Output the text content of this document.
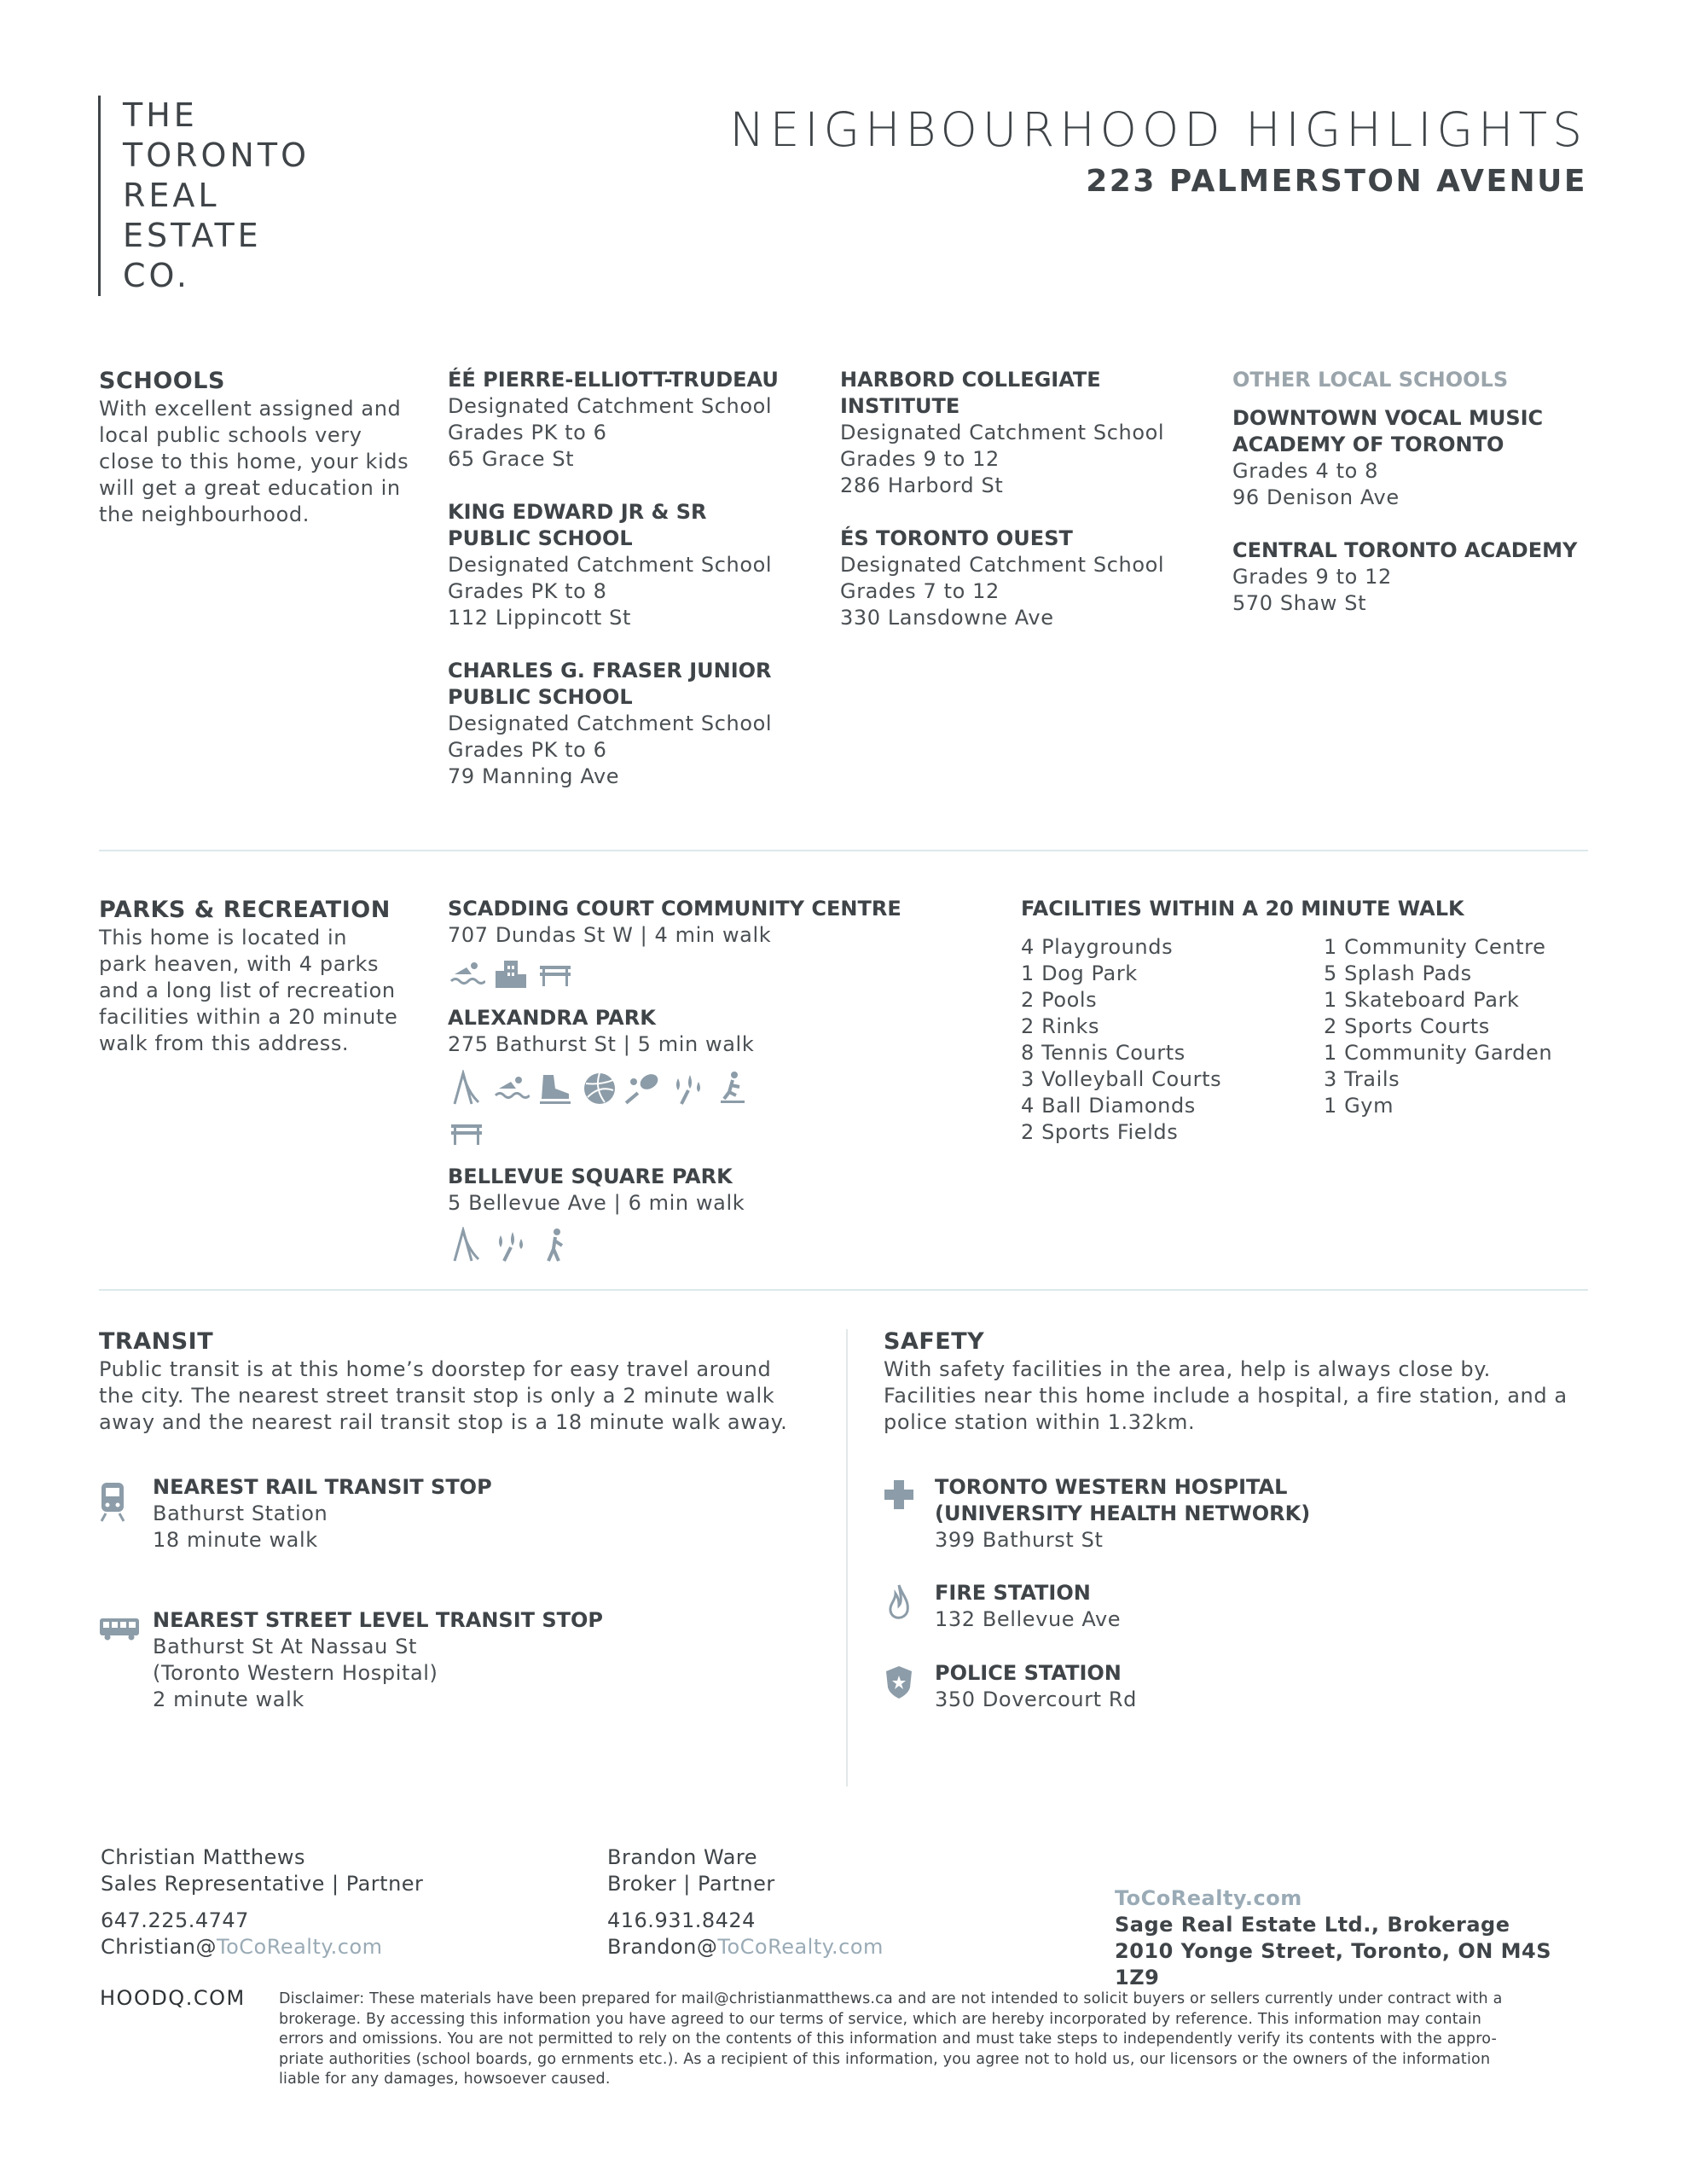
THE
TORONTO
REAL
ESTATE
CO.
NEIGHBOURHOOD HIGHLIGHTS
223 PALMERSTON AVENUE
SCHOOLS
With excellent assigned and
local public schools very
close to this home, your kids
will get a great education in
the neighbourhood.
ÉÉ PIERRE-ELLIOTT-TRUDEAU
Designated Catchment School
Grades PK to 6
65 Grace St
KING EDWARD JR & SR
PUBLIC SCHOOL
Designated Catchment School
Grades PK to 8
112 Lippincott St
CHARLES G. FRASER JUNIOR
PUBLIC SCHOOL
Designated Catchment School
Grades PK to 6
79 Manning Ave
HARBORD COLLEGIATE
INSTITUTE
Designated Catchment School
Grades 9 to 12
286 Harbord St
ÉS TORONTO OUEST
Designated Catchment School
Grades 7 to 12
330 Lansdowne Ave
OTHER LOCAL SCHOOLS
DOWNTOWN VOCAL MUSIC
ACADEMY OF TORONTO
Grades 4 to 8
96 Denison Ave
CENTRAL TORONTO ACADEMY
Grades 9 to 12
570 Shaw St
PARKS & RECREATION
This home is located in
park heaven, with 4 parks
and a long list of recreation
facilities within a 20 minute
walk from this address.
SCADDING COURT COMMUNITY CENTRE
707 Dundas St W | 4 min walk
ALEXANDRA PARK
275 Bathurst St | 5 min walk
BELLEVUE SQUARE PARK
5 Bellevue Ave | 6 min walk
FACILITIES WITHIN A 20 MINUTE WALK
4 Playgrounds
1 Dog Park
2 Pools
2 Rinks
8 Tennis Courts
3 Volleyball Courts
4 Ball Diamonds
2 Sports Fields
1 Community Centre
5 Splash Pads
1 Skateboard Park
2 Sports Courts
1 Community Garden
3 Trails
1 Gym
TRANSIT
Public transit is at this home’s doorstep for easy travel around
the city. The nearest street transit stop is only a 2 minute walk
away and the nearest rail transit stop is a 18 minute walk away.
NEAREST RAIL TRANSIT STOP
Bathurst Station
18 minute walk
NEAREST STREET LEVEL TRANSIT STOP
Bathurst St At Nassau St
(Toronto Western Hospital)
2 minute walk
SAFETY
With safety facilities in the area, help is always close by.
Facilities near this home include a hospital, a fire station, and a
police station within 1.32km.
TORONTO WESTERN HOSPITAL
(UNIVERSITY HEALTH NETWORK)
399 Bathurst St
FIRE STATION
132 Bellevue Ave
POLICE STATION
350 Dovercourt Rd
Christian Matthews
Sales Representative | Partner
647.225.4747
Christian@ToCoRealty.com
Brandon Ware
Broker | Partner
416.931.8424
Brandon@ToCoRealty.com
ToCoRealty.com
Sage Real Estate Ltd., Brokerage
2010 Yonge Street, Toronto, ON M4S 1Z9
HOODQ.COM Disclaimer: These materials have been prepared for mail@christianmatthews.ca and are not intended to solicit buyers or sellers currently under contract with a
brokerage. By accessing this information you have agreed to our terms of service, which are hereby incorporated by reference. This information may contain
errors and omissions. You are not permitted to rely on the contents of this information and must take steps to independently verify its contents with the appro-
priate authorities (school boards, go ernments etc.). As a recipient of this information, you agree not to hold us, our licensors or the owners of the information
liable for any damages, howsoever caused.
